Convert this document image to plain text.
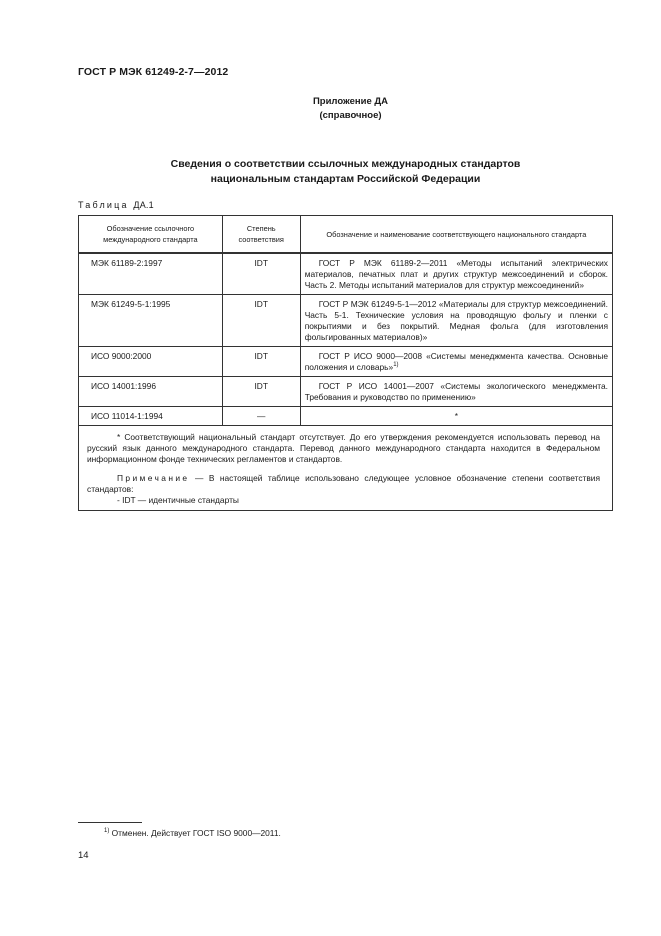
ГОСТ Р МЭК 61249-2-7—2012
Приложение ДА
(справочное)
Сведения о соответствии ссылочных международных стандартов
национальным стандартам Российской Федерации
Таблица ДА.1
Обозначение ссылочного международного стандарта	Степень соответствия	Обозначение и наименование соответствующего национального стандарта
МЭК 61189-2:1997	IDT	ГОСТ Р МЭК 61189-2—2011 «Методы испытаний электрических материалов, печатных плат и других структур межсоединений и сборок. Часть 2. Методы испытаний материалов для структур межсоединений»
МЭК 61249-5-1:1995	IDT	ГОСТ Р МЭК 61249-5-1—2012 «Материалы для структур межсоединений. Часть 5-1. Технические условия на проводящую фольгу и пленки с покрытиями и без покрытий. Медная фольга (для изготовления фольгированных материалов)»
ИСО 9000:2000	IDT	ГОСТ Р ИСО 9000—2008 «Системы менеджмента качества. Основные положения и словарь»$^{1)}$
ИСО 14001:1996	IDT	ГОСТ Р ИСО 14001—2007 «Системы экологического менеджмента. Требования и руководство по применению»
ИСО 11014-1:1994	—	*

* Соответствующий национальный стандарт отсутствует. До его утверждения рекомендуется использовать перевод на русский язык данного международного стандарта. Перевод данного международного стандарта находится в Федеральном информационном фонде технических регламентов и стандартов.

Примечание — В настоящей таблице использовано следующее условное обозначение степени соответствия стандартов:

- IDT — идентичные стандарты		

$^{1)}$ Отменен. Действует ГОСТ ISO 9000—2011.
14
